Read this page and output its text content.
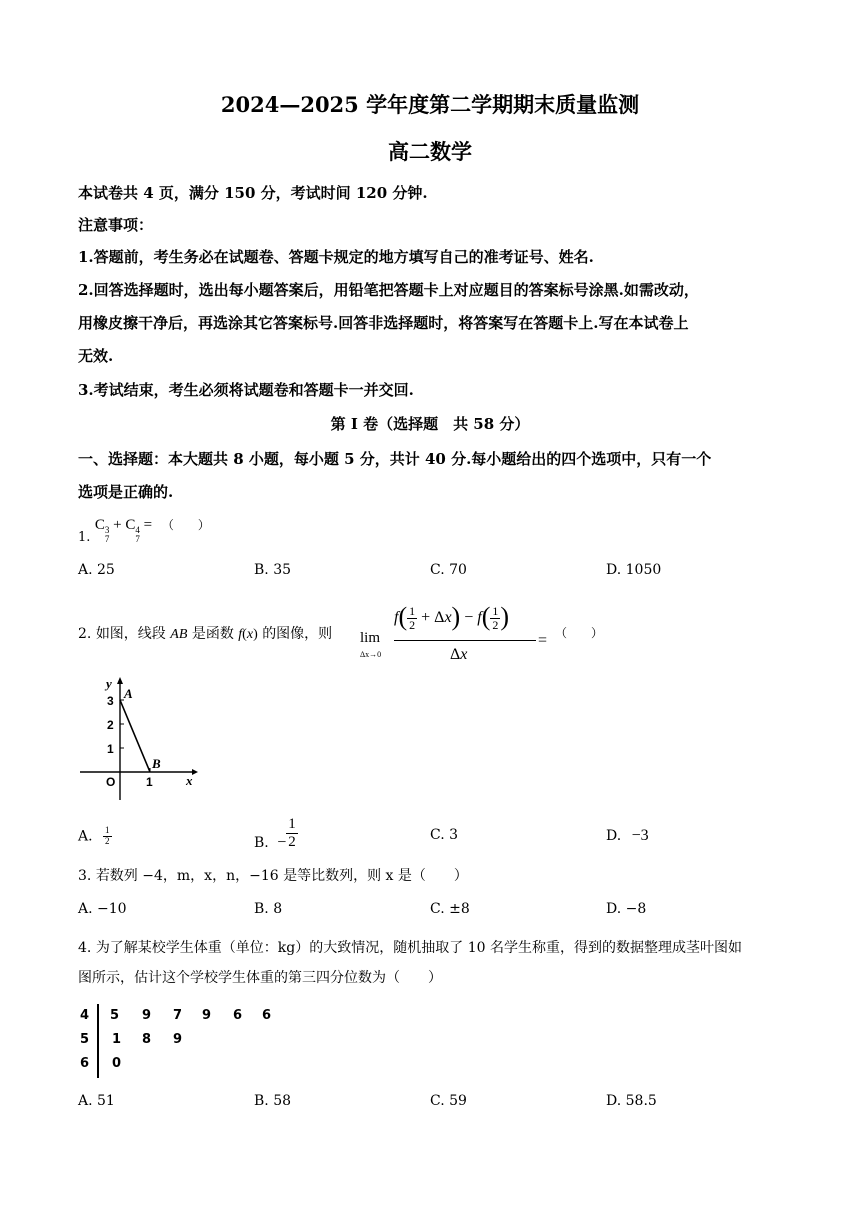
2024—2025 学年度第二学期期末质量监测
高二数学
本试卷共 4 页，满分 150 分，考试时间 120 分钟.
注意事项：
1.答题前，考生务必在试题卷、答题卡规定的地方填写自己的准考证号、姓名.
2.回答选择题时，选出每小题答案后，用铅笔把答题卡上对应题目的答案标号涂黑.如需改动，
用橡皮擦干净后，再选涂其它答案标号.回答非选择题时，将答案写在答题卡上.写在本试卷上
无效.
3.考试结束，考生必须将试题卷和答题卡一并交回.
第 I 卷（选择题　共 58 分）
一、选择题：本大题共 8 小题，每小题 5 分，共计 40 分.每小题给出的四个选项中，只有一个
选项是正确的.
1. C 3
7
+ C 4
7
= （　　）
A. 25	B. 35	C. 70	D. 1050
2. 如图，线段 AB 是函数 f(x) 的图像，则 lim
Δx→0
$f( \frac{1}{2} + \Delta x) - f( \frac{1}{2}$ )
Δx
= （　　）
y
x
3
2
1
O	1
A
B
A. $\frac{1}{2}$	B. − $\frac{1}{2}$	C. 3	D. −3
3. 若数列 −4，m，x，n，−16 是等比数列，则 x 是（　　）
A. −10	B. 8	C. ±8	D. −8
4. 为了解某校学生体重（单位：kg）的大致情况，随机抽取了 10 名学生称重，得到的数据整理成茎叶图如
图所示，估计这个学校学生体重的第三四分位数为（　　）
4 5 9 7 9 6 6
5 1 8 9
6 0
A. 51	B. 58	C. 59	D. 58.5
